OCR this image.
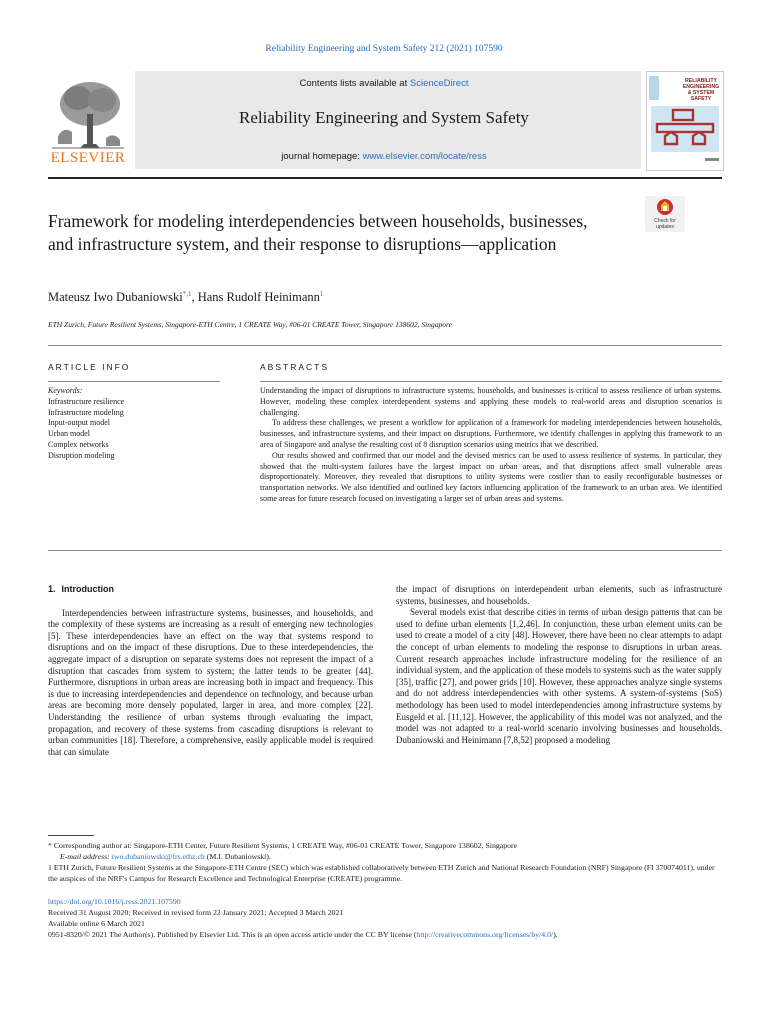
Reliability Engineering and System Safety 212 (2021) 107590
Contents lists available at ScienceDirect
Reliability Engineering and System Safety
journal homepage: www.elsevier.com/locate/ress
ELSEVIER
RELIABILITY
ENGINEERING
& SYSTEM
SAFETY
Check for
updates
Framework for modeling interdependencies between households, businesses, and infrastructure system, and their response to disruptions—application
Mateusz Iwo Dubaniowski$^{*,1}$, Hans Rudolf Heinimann$^1$
ETH Zurich, Future Resilient Systems, Singapore-ETH Centre, 1 CREATE Way, #06-01 CREATE Tower, Singapore 138602, Singapore
ARTICLE INFO	ABSTRACTS
Keywords:
Infrastructure resilience
Infrastructure modeling
Input-output model
Urban model
Complex networks
Disruption modeling

Understanding the impact of disruptions to infrastructure systems, households, and businesses is critical to assess resilience of urban systems. However, modeling these complex interdependent systems and applying these models to real-world areas and disruption scenarios is challenging.

To address these challenges, we present a workflow for application of a framework for modeling interdependencies between households, businesses, and infrastructure systems, and their impact on disruptions. Furthermore, we identify challenges in applying this framework to an area of Singapore and analyse the resulting cost of 8 disruption scenarios using metrics that we described.

Our results showed and confirmed that our model and the devised metrics can be used to assess resilience of systems. In particular, they showed that the multi-system failures have the largest impact on urban areas, and that disruptions affect small vulnerable areas disproportionately. Moreover, they revealed that disruptions to utility systems were costlier than to easily reconfigurable businesses or transportation networks. We also identified and outlined key factors influencing application of the framework to an urban area. We identified some areas for future research focused on investigating a larger set of urban areas and systems.

1. Introduction

Interdependencies between infrastructure systems, businesses, and households, and the complexity of these systems are increasing as a result of emerging new technologies [5]. These interdependencies have an effect on the way that systems respond to disruptions and on the impact of these disruptions. Due to these interdependencies, the aggregate impact of a disruption on separate systems does not represent the impact of a disruption that cascades from system to system; the latter tends to be greater [44]. Furthermore, disruptions in urban areas are increasing both in impact and frequency. This is due to increasing interdependencies and dependence on technology, and because urban areas are becoming more densely populated, larger in area, and more complex [22]. Understanding the resilience of urban systems through evaluating the impact, propagation, and recovery of these systems from cascading disruptions is relevant to urban communities [18]. Therefore, a comprehensive, easily applicable model is required that can simulate

the impact of disruptions on interdependent urban elements, such as infrastructure systems, businesses, and households.

Several models exist that describe cities in terms of urban design patterns that can be used to define urban elements [1,2,46]. In conjunction, these urban element units can be used to create a model of a city [48]. However, there have been no clear attempts to adapt the concept of urban elements to modeling the response to disruptions in urban areas. Current research approaches include infrastructure modeling for the resilience of an individual system, and the application of these models to systems such as the water supply [35], traffic [27], and power grids [10]. However, these approaches analyze single systems and do not address interdependencies with other systems. A system-of-systems (SoS) methodology has been used to model interdependencies among infrastructure systems by Eusgeld et al. [11,12]. However, the applicability of this model was not analyzed, and the model was not adapted to a real-world scenario involving businesses and households. Dubaniowski and Heinimann [7,8,52] proposed a modeling

* Corresponding author at: Singapore-ETH Center, Future Resilient Systems, 1 CREATE Way, #06-01 CREATE Tower, Singapore 138602, Singapore

E-mail address: iwo.dubaniowski@frs.ethz.ch (M.I. Dubaniowski).

1 ETH Zurich, Future Resilient Systems at the Singapore-ETH Centre (SEC) which was established collaboratively between ETH Zurich and National Research Foundation (NRF) Singapore (FI 370074011), under the auspices of the NRF's Campus for Research Excellence and Technological Enterprise (CREATE) programme.

https://doi.org/10.1016/j.ress.2021.107590

Received 31 August 2020; Received in revised form 22 January 2021; Accepted 3 March 2021

Available online 6 March 2021

0951-8320/© 2021 The Author(s). Published by Elsevier Ltd. This is an open access article under the CC BY license (http://creativecommons.org/licenses/by/4.0/).
